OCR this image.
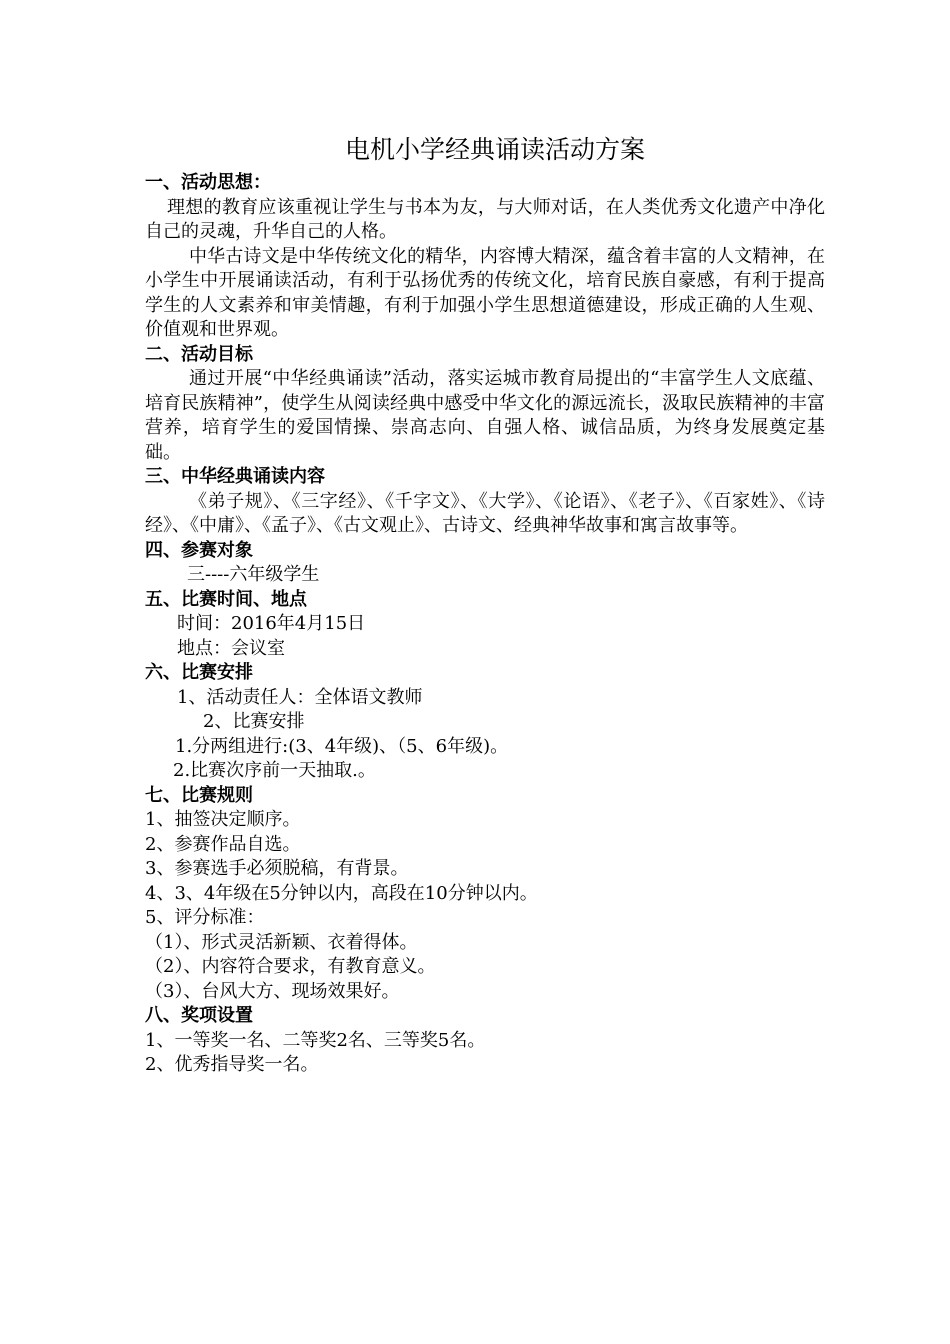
电机小学经典诵读活动方案
一、活动思想：

理想的教育应该重视让学生与书本为友，与大师对话，在人类优秀文化遗产中净化自己的灵魂，升华自己的人格。

中华古诗文是中华传统文化的精华，内容博大精深，蕴含着丰富的人文精神，在小学生中开展诵读活动，有利于弘扬优秀的传统文化，培育民族自豪感，有利于提高学生的人文素养和审美情趣，有利于加强小学生思想道德建设，形成正确的人生观、价值观和世界观。

二、活动目标

通过开展“中华经典诵读”活动，落实运城市教育局提出的“丰富学生人文底蕴、培育民族精神”，使学生从阅读经典中感受中华文化的源远流长，汲取民族精神的丰富营养，培育学生的爱国情操、崇高志向、自强人格、诚信品质，为终身发展奠定基础。

三、中华经典诵读内容

《弟子规》、《三字经》、《千字文》、《大学》、《论语》、《老子》、《百家姓》、《诗经》、《中庸》、《孟子》、《古文观止》、古诗文、经典神华故事和寓言故事等。

四、参赛对象

三----六年级学生

五、比赛时间、地点

时间：2016年4月15日

地点：会议室

六、比赛安排

1、活动责任人：全体语文教师

2、比赛安排

1.分两组进行:(3、4年级)、（5、6年级)。

2.比赛次序前一天抽取.。

七、比赛规则

1、抽签决定顺序。

2、参赛作品自选。

3、参赛选手必须脱稿，有背景。

4、3、4年级在5分钟以内，高段在10分钟以内。

5、评分标准：

（1）、形式灵活新颖、衣着得体。

（2）、内容符合要求，有教育意义。

（3）、台风大方、现场效果好。

八、奖项设置

1、一等奖一名、二等奖2名、三等奖5名。

2、优秀指导奖一名。
